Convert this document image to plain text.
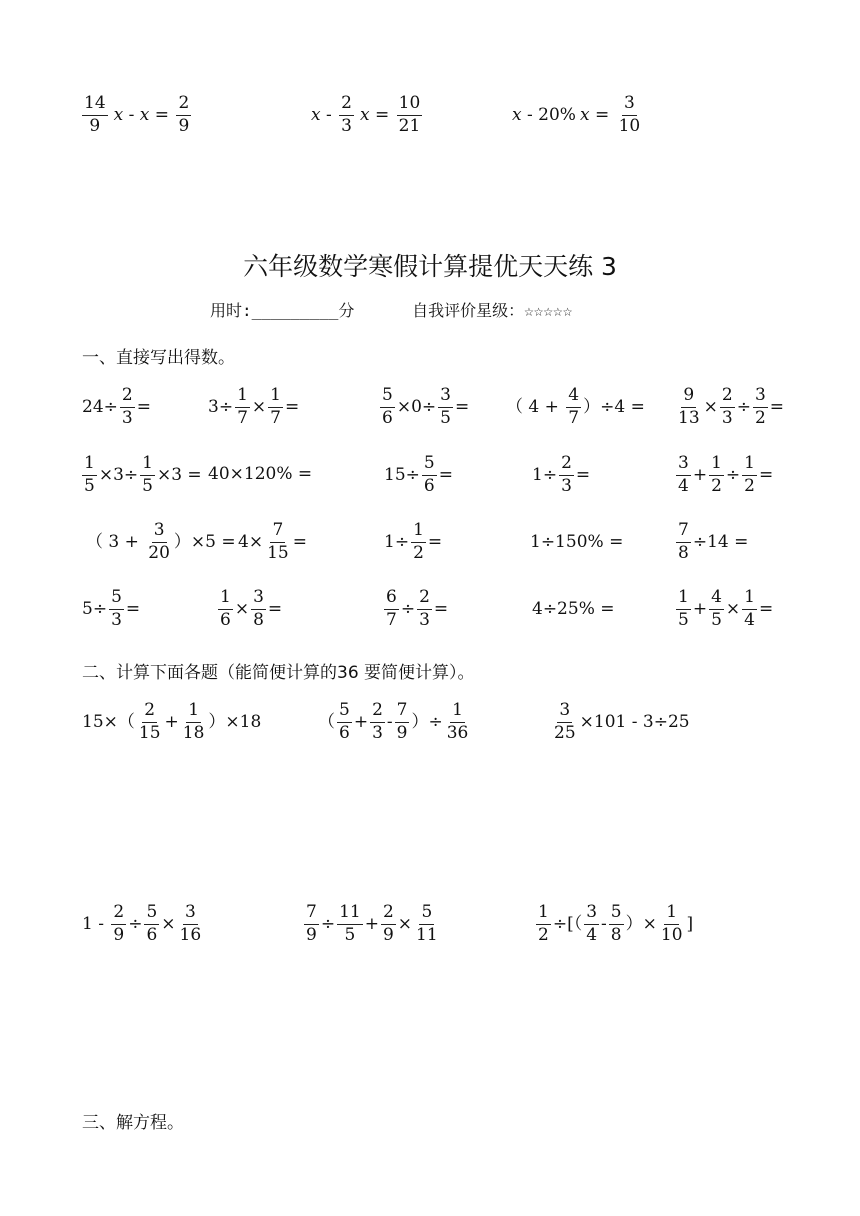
$\frac{14}{9}$ $x - x = \frac{2}{9}$	x - $\frac{2}{3}$ $x = \frac{10}{21}$	x - 20% $x = \frac{3}{10}$
六年级数学寒假计算提优天天练 3
用时:_________分	自我评价星级：☆☆☆☆☆
一、直接写出得数。
$24\div \frac{2}{3}$ =	$3\div \frac{1}{7} \times \frac{1}{7}$ =	$\frac{5}{6} \times 0\div \frac{3}{5}$ = （ $4 + \frac{4}{7} )\div 4 = \frac{9}{13} \times \frac{2}{3} \div \frac{3}{2}$ =
$\frac{1}{5} \times 3\div \frac{1}{5} \times 3 = 40\times 120\%$ =	$15\div \frac{5}{6}$ =	$1\div \frac{2}{3}$ =	$\frac{3}{4} + \frac{1}{2} \div \frac{1}{2}$ =
（ $3 + \frac{3}{20} )\times 5 = 4\times \frac{7}{15}$ =	$1\div \frac{1}{2}$ =	1÷150% =	$\frac{7}{8} \div 14$ =
$5\div \frac{5}{3}$ =	$\frac{1}{6} \times \frac{3}{8}$ =	$\frac{6}{7} \div \frac{2}{3}$ =	4÷25% =	$\frac{1}{5} + \frac{4}{5} \times \frac{1}{4}$ =
二、计算下面各题（能简便计算的36 要简便计算）。
$15\times( \frac{2}{15} + \frac{1}{18} )\times 18$	（ $\frac{5}{6} + \frac{2}{3} - \frac{7}{9}$ ）÷ $\frac{1}{36}$	$\frac{3}{25} \times 101 - 3\div 25$
$1 - \frac{2}{9} \div \frac{5}{6} \times \frac{3}{16}$	$\frac{7}{9} \div \frac{11}{5} + \frac{2}{9} \times \frac{5}{11}$	$\frac{1}{2}$ ÷[（ $\frac{3}{4} - \frac{5}{8}$ ）× $\frac{1}{10}$ ]
三、解方程。
